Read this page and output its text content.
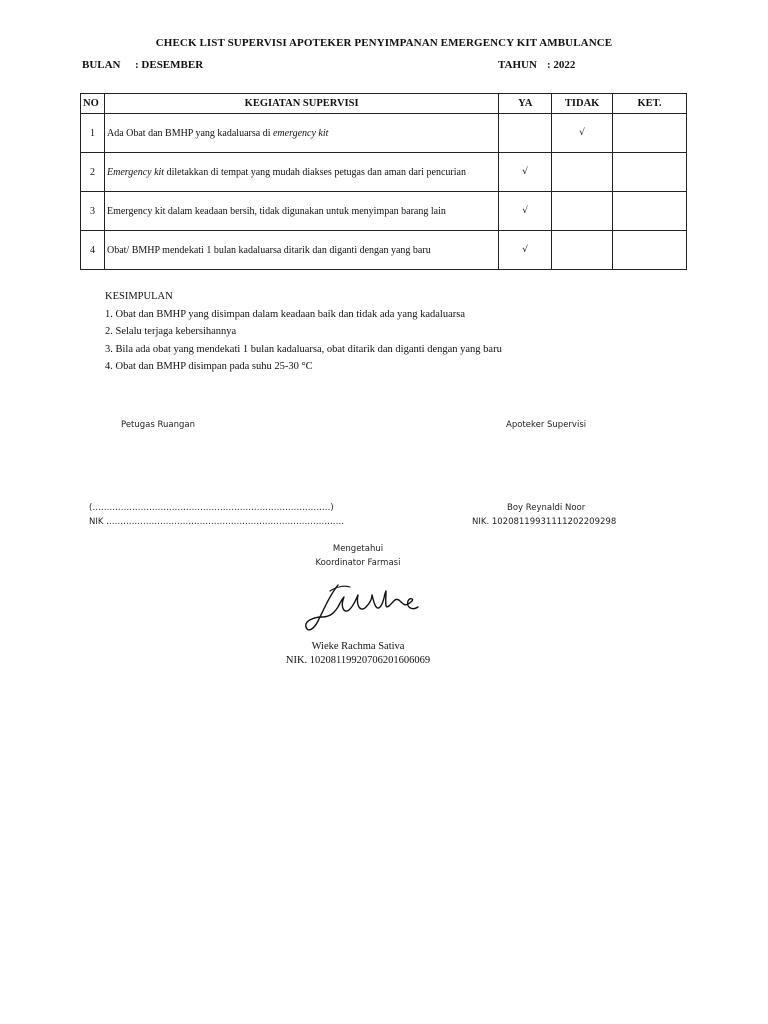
CHECK LIST SUPERVISI APOTEKER PENYIMPANAN EMERGENCY KIT AMBULANCE
BULAN : DESEMBER	TAHUN : 2022
NO	KEGIATAN SUPERVISI	YA	TIDAK	KET.
1	Ada Obat dan BMHP yang kadaluarsa di emergency kit		√	
2	Emergency kit diletakkan di tempat yang mudah diakses petugas dan aman dari pencurian	√		
3	Emergency kit dalam keadaan bersih, tidak digunakan untuk menyimpan barang lain	√		
4	Obat/ BMHP mendekati 1 bulan kadaluarsa ditarik dan diganti dengan yang baru	√		
KESIMPULAN
1. Obat dan BMHP yang disimpan dalam keadaan baik dan tidak ada yang kadaluarsa
2. Selalu terjaga kebersihannya
3. Bila ada obat yang mendekati 1 bulan kadaluarsa, obat ditarik dan diganti dengan yang baru
4. Obat dan BMHP disimpan pada suhu 25-30 °C
Petugas Ruangan	Apoteker Supervisi
(…………………………………………………………………………)
NIK …………………………………………………………………………
Boy Reynaldi Noor
NIK. 10208119931111202209298
Mengetahui
Koordinator Farmasi
Wieke Rachma Sativa
NIK. 10208119920706201606069
